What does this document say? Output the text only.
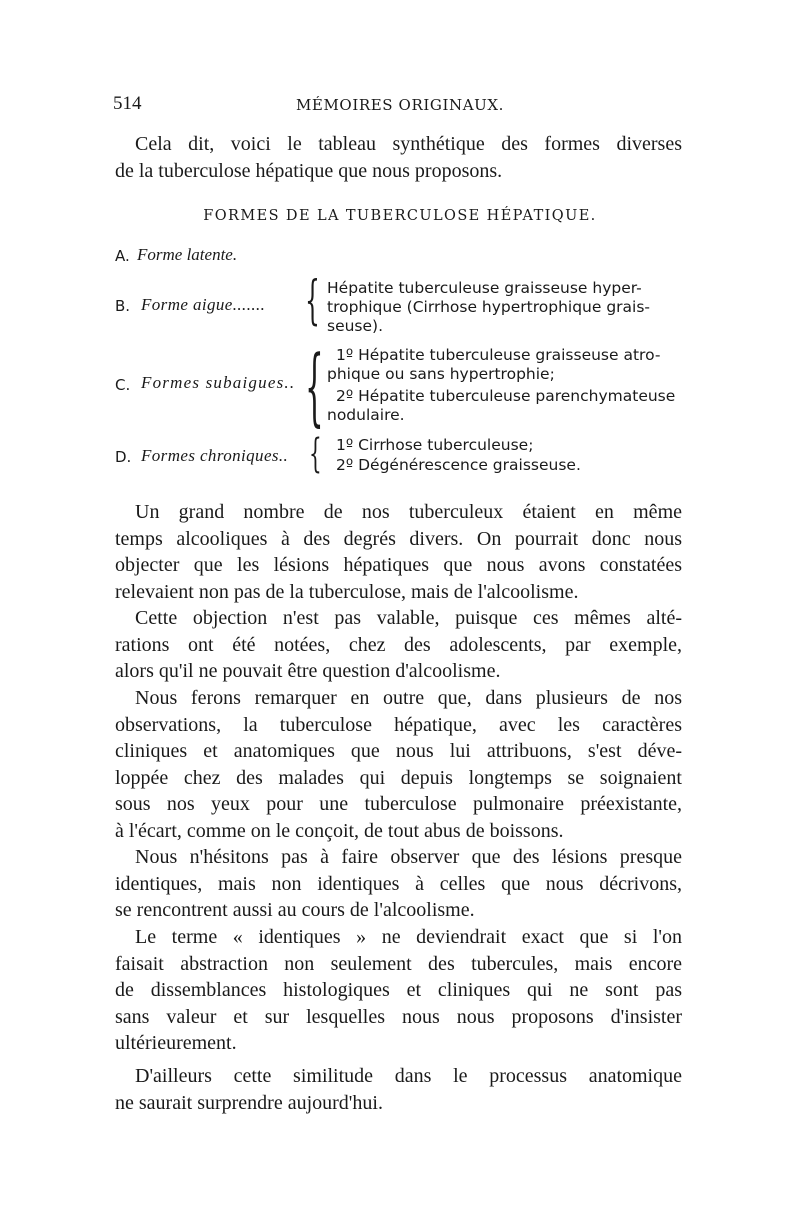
514	MÉMOIRES ORIGINAUX.
Cela dit, voici le tableau synthétique des formes diverses
de la tuberculose hépatique que nous proposons.
FORMES DE LA TUBERCULOSE HÉPATIQUE.
A. Forme latente.
B. Forme aigue....... { Hépatite tuberculeuse graisseuse hyper-
trophique (Cirrhose hypertrophique grais-
seuse).
C. Formes subaigues.. { 1º Hépatite tuberculeuse graisseuse atro-
phique ou sans hypertrophie;
2º Hépatite tuberculeuse parenchymateuse
nodulaire.
D. Formes chroniques.. { 1º Cirrhose tuberculeuse;
2º Dégénérescence graisseuse.
Un grand nombre de nos tuberculeux étaient en même
temps alcooliques à des degrés divers. On pourrait donc nous
objecter que les lésions hépatiques que nous avons constatées
relevaient non pas de la tuberculose, mais de l'alcoolisme.
Cette objection n'est pas valable, puisque ces mêmes alté-
rations ont été notées, chez des adolescents, par exemple,
alors qu'il ne pouvait être question d'alcoolisme.
Nous ferons remarquer en outre que, dans plusieurs de nos
observations, la tuberculose hépatique, avec les caractères
cliniques et anatomiques que nous lui attribuons, s'est déve-
loppée chez des malades qui depuis longtemps se soignaient
sous nos yeux pour une tuberculose pulmonaire préexistante,
à l'écart, comme on le conçoit, de tout abus de boissons.
Nous n'hésitons pas à faire observer que des lésions presque
identiques, mais non identiques à celles que nous décrivons,
se rencontrent aussi au cours de l'alcoolisme.
Le terme « identiques » ne deviendrait exact que si l'on
faisait abstraction non seulement des tubercules, mais encore
de dissemblances histologiques et cliniques qui ne sont pas
sans valeur et sur lesquelles nous nous proposons d'insister
ultérieurement.
D'ailleurs cette similitude dans le processus anatomique
ne saurait surprendre aujourd'hui.
